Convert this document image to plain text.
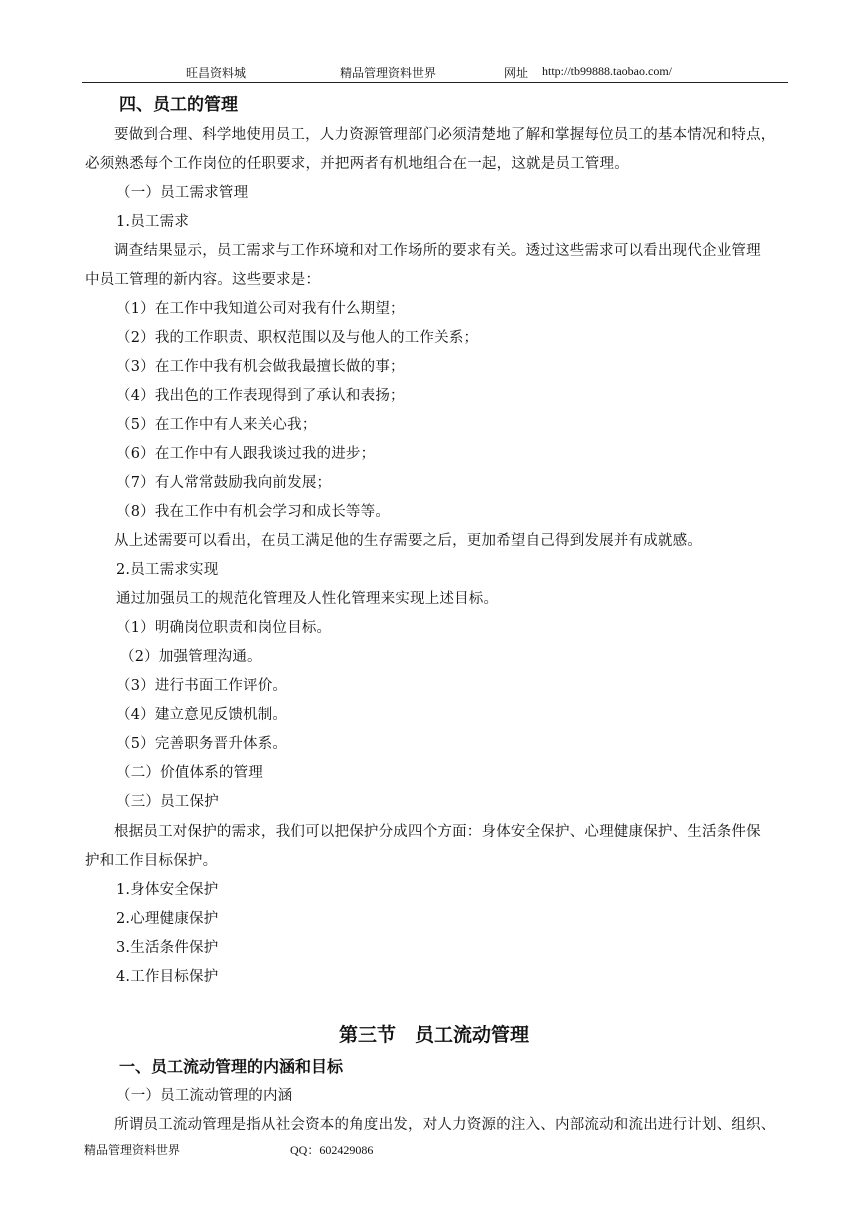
旺昌资料城	精品管理资料世界	网址 http://tb99888.taobao.com/
四、员工的管理
要做到合理、科学地使用员工，人力资源管理部门必须清楚地了解和掌握每位员工的基本情况和特点，
必须熟悉每个工作岗位的任职要求，并把两者有机地组合在一起，这就是员工管理。
（一）员工需求管理
1.员工需求
调查结果显示，员工需求与工作环境和对工作场所的要求有关。透过这些需求可以看出现代企业管理
中员工管理的新内容。这些要求是：
（1）在工作中我知道公司对我有什么期望；
（2）我的工作职责、职权范围以及与他人的工作关系；
（3）在工作中我有机会做我最擅长做的事；
（4）我出色的工作表现得到了承认和表扬；
（5）在工作中有人来关心我；
（6）在工作中有人跟我谈过我的进步；
（7）有人常常鼓励我向前发展；
（8）我在工作中有机会学习和成长等等。
从上述需要可以看出，在员工满足他的生存需要之后，更加希望自己得到发展并有成就感。
2.员工需求实现
通过加强员工的规范化管理及人性化管理来实现上述目标。
（1）明确岗位职责和岗位目标。
（2）加强管理沟通。
（3）进行书面工作评价。
（4）建立意见反馈机制。
（5）完善职务晋升体系。
（二）价值体系的管理
（三）员工保护
根据员工对保护的需求，我们可以把保护分成四个方面：身体安全保护、心理健康保护、生活条件保
护和工作目标保护。
1.身体安全保护
2.心理健康保护
3.生活条件保护
4.工作目标保护
第三节　员工流动管理
一、员工流动管理的内涵和目标
（一）员工流动管理的内涵
所谓员工流动管理是指从社会资本的角度出发，对人力资源的注入、内部流动和流出进行计划、组织、
精品管理资料世界	QQ：602429086
